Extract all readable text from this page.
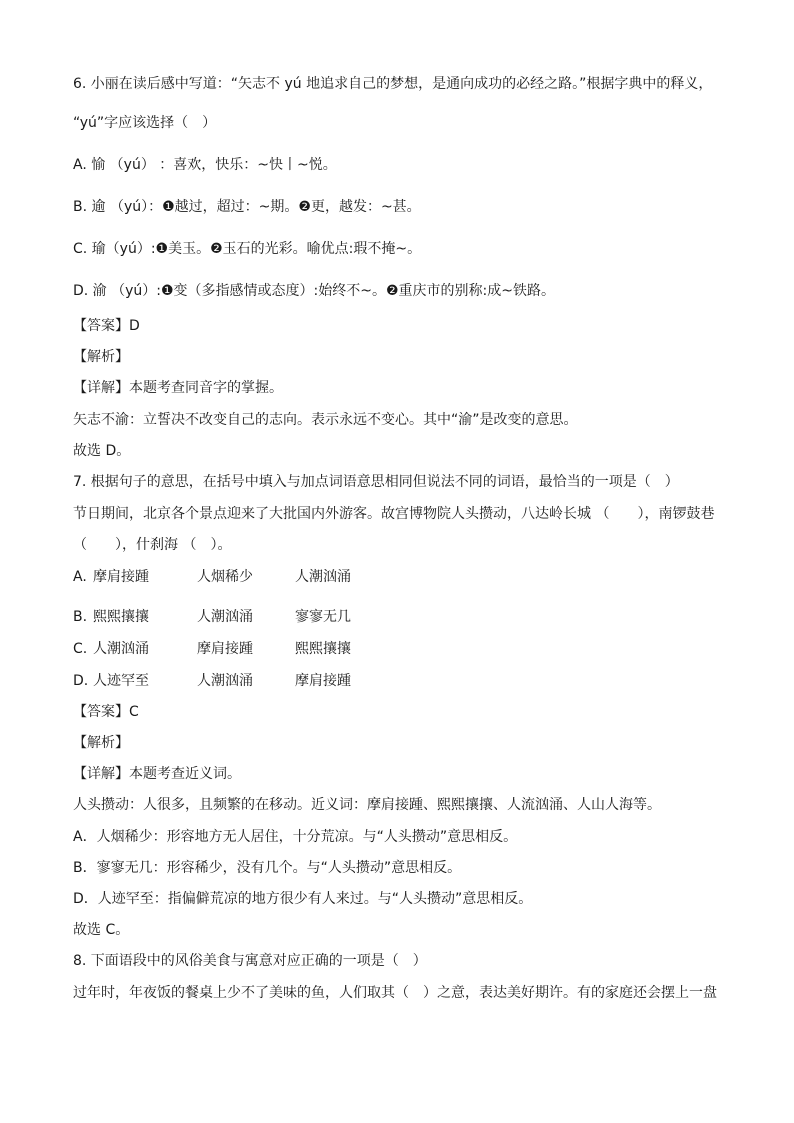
6. 小丽在读后感中写道：“矢志不 yú 地追求自己的梦想，是通向成功的必经之路。”根据字典中的释义，
“yú”字应该选择（　）
A. 愉 （yú） ：喜欢，快乐：~快丨~悦。
B. 逾 （yú）：❶越过，超过：~期。❷更，越发：~甚。
C. 瑜（yú）:❶美玉。❷玉石的光彩。喻优点:瑕不掩~。
D. 渝 （yú）:❶变（多指感情或态度）:始终不~。❷重庆市的别称:成~铁路。
【答案】D
【解析】
【详解】本题考查同音字的掌握。
矢志不渝：立誓决不改变自己的志向。表示永远不变心。其中“渝”是改变的意思。
故选 D。
7. 根据句子的意思，在括号中填入与加点词语意思相同但说法不同的词语，最恰当的一项是（　）
节日期间，北京各个景点迎来了大批国内外游客。故宫博物院人头攒动，八达岭长城 （　　），南锣鼓巷
（　　），什刹海 （　）。
A. 摩肩接踵	人烟稀少	人潮汹涌
B. 熙熙攘攘	人潮汹涌	寥寥无几
C. 人潮汹涌	摩肩接踵	熙熙攘攘
D. 人迹罕至	人潮汹涌	摩肩接踵
【答案】C
【解析】
【详解】本题考查近义词。
人头攒动：人很多，且频繁的在移动。近义词：摩肩接踵、熙熙攘攘、人流汹涌、人山人海等。
A．人烟稀少：形容地方无人居住，十分荒凉。与“人头攒动”意思相反。
B．寥寥无几：形容稀少，没有几个。与“人头攒动”意思相反。
D．人迹罕至：指偏僻荒凉的地方很少有人来过。与“人头攒动”意思相反。
故选 C。
8. 下面语段中的风俗美食与寓意对应正确的一项是（　）
过年时，年夜饭的餐桌上少不了美味的鱼，人们取其（　）之意，表达美好期许。有的家庭还会摆上一盘
